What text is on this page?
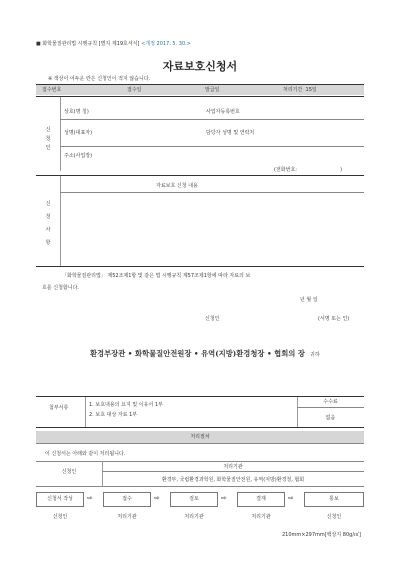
■ 화학물질관리법 시행규칙 [별지 제19호서식] <개정 2017. 5. 30.>
자료보호신청서
※ 색상이 어두운 란은 신청인이 적지 않습니다.
접수번호	접수일	발급일	처리기간 15일
신
청
인
상호(명 칭)	사업자등록번호
성명(대표자)	담당자 성명 및 연락처
주소(사업장)
(전화번호:	)
자료보호 신청 내용
신
청
사
항
「화학물질관리법」 제52조제1항 및 같은 법 시행규칙 제57조제1항에 따라 자료의 보
호를 신청합니다.
년 월 일
신청인	(서명 또는 인)
환경부장관 • 화학물질안전원장 • 유역(지방)환경청장 • 협회의 장 귀하
첨부서류	1. 보호내용의 요지 및 이유서 1부
2. 보호 대상 자료 1부
수수료
없음
처리절차
이 신청서는 아래와 같이 처리됩니다.
신청인
처리기관
환경부, 국립환경과학원, 화학물질안전원, 유역(지방)환경청, 협회
신청서 작성	⇨	접수	⇨	검토	⇨	결재	⇨	통보
신청인	처리기관	처리기관	처리기관	신청인
210mm×297mm[백상지 80g/㎡]
